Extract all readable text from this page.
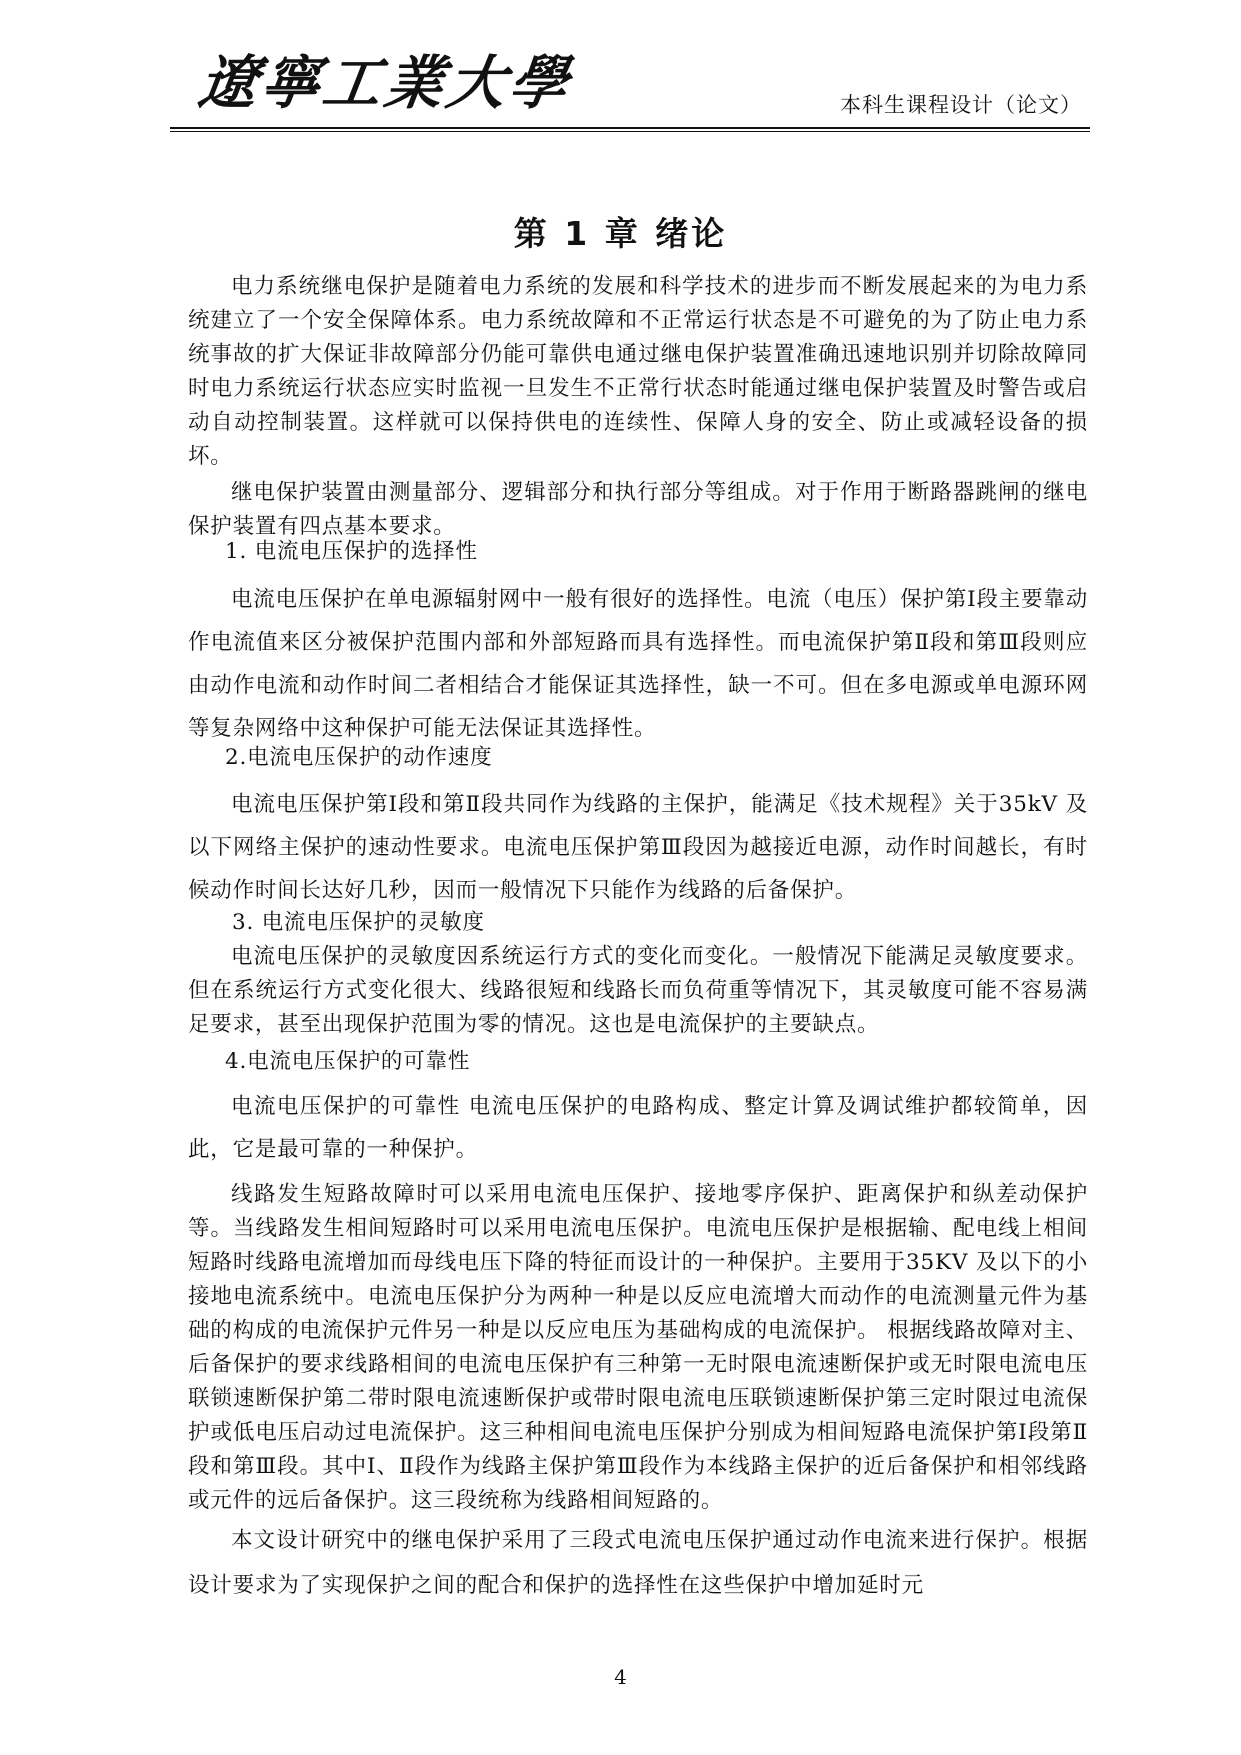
遼寧工業大學	本科生课程设计（论文）
第 1 章 绪论

电力系统继电保护是随着电力系统的发展和科学技术的进步而不断发展起来的为电力系统建立了一个安全保障体系。电力系统故障和不正常运行状态是不可避免的为了防止电力系统事故的扩大保证非故障部分仍能可靠供电通过继电保护装置准确迅速地识别并切除故障同时电力系统运行状态应实时监视一旦发生不正常行状态时能通过继电保护装置及时警告或启动自动控制装置。这样就可以保持供电的连续性、保障人身的安全、防止或减轻设备的损坏。

继电保护装置由测量部分、逻辑部分和执行部分等组成。对于作用于断路器跳闸的继电保护装置有四点基本要求。

1. 电流电压保护的选择性

电流电压保护在单电源辐射网中一般有很好的选择性。电流（电压）保护第Ⅰ段主要靠动作电流值来区分被保护范围内部和外部短路而具有选择性。而电流保护第Ⅱ段和第Ⅲ段则应由动作电流和动作时间二者相结合才能保证其选择性，缺一不可。但在多电源或单电源环网等复杂网络中这种保护可能无法保证其选择性。

2.电流电压保护的动作速度

电流电压保护第Ⅰ段和第Ⅱ段共同作为线路的主保护，能满足《技术规程》关于35kV 及以下网络主保护的速动性要求。电流电压保护第Ⅲ段因为越接近电源，动作时间越长，有时候动作时间长达好几秒，因而一般情况下只能作为线路的后备保护。

3. 电流电压保护的灵敏度

电流电压保护的灵敏度因系统运行方式的变化而变化。一般情况下能满足灵敏度要求。但在系统运行方式变化很大、线路很短和线路长而负荷重等情况下，其灵敏度可能不容易满足要求，甚至出现保护范围为零的情况。这也是电流保护的主要缺点。

4.电流电压保护的可靠性

电流电压保护的可靠性 电流电压保护的电路构成、整定计算及调试维护都较简单，因此，它是最可靠的一种保护。

线路发生短路故障时可以采用电流电压保护、接地零序保护、距离保护和纵差动保护等。当线路发生相间短路时可以采用电流电压保护。电流电压保护是根据输、配电线上相间短路时线路电流增加而母线电压下降的特征而设计的一种保护。主要用于35KV 及以下的小接地电流系统中。电流电压保护分为两种一种是以反应电流增大而动作的电流测量元件为基础的构成的电流保护元件另一种是以反应电压为基础构成的电流保护。 根据线路故障对主、后备保护的要求线路相间的电流电压保护有三种第一无时限电流速断保护或无时限电流电压联锁速断保护第二带时限电流速断保护或带时限电流电压联锁速断保护第三定时限过电流保护或低电压启动过电流保护。这三种相间电流电压保护分别成为相间短路电流保护第Ⅰ段第Ⅱ段和第Ⅲ段。其中Ⅰ、Ⅱ段作为线路主保护第Ⅲ段作为本线路主保护的近后备保护和相邻线路或元件的远后备保护。这三段统称为线路相间短路的。

本文设计研究中的继电保护采用了三段式电流电压保护通过动作电流来进行保护。根据设计要求为了实现保护之间的配合和保护的选择性在这些保护中增加延时元

4
